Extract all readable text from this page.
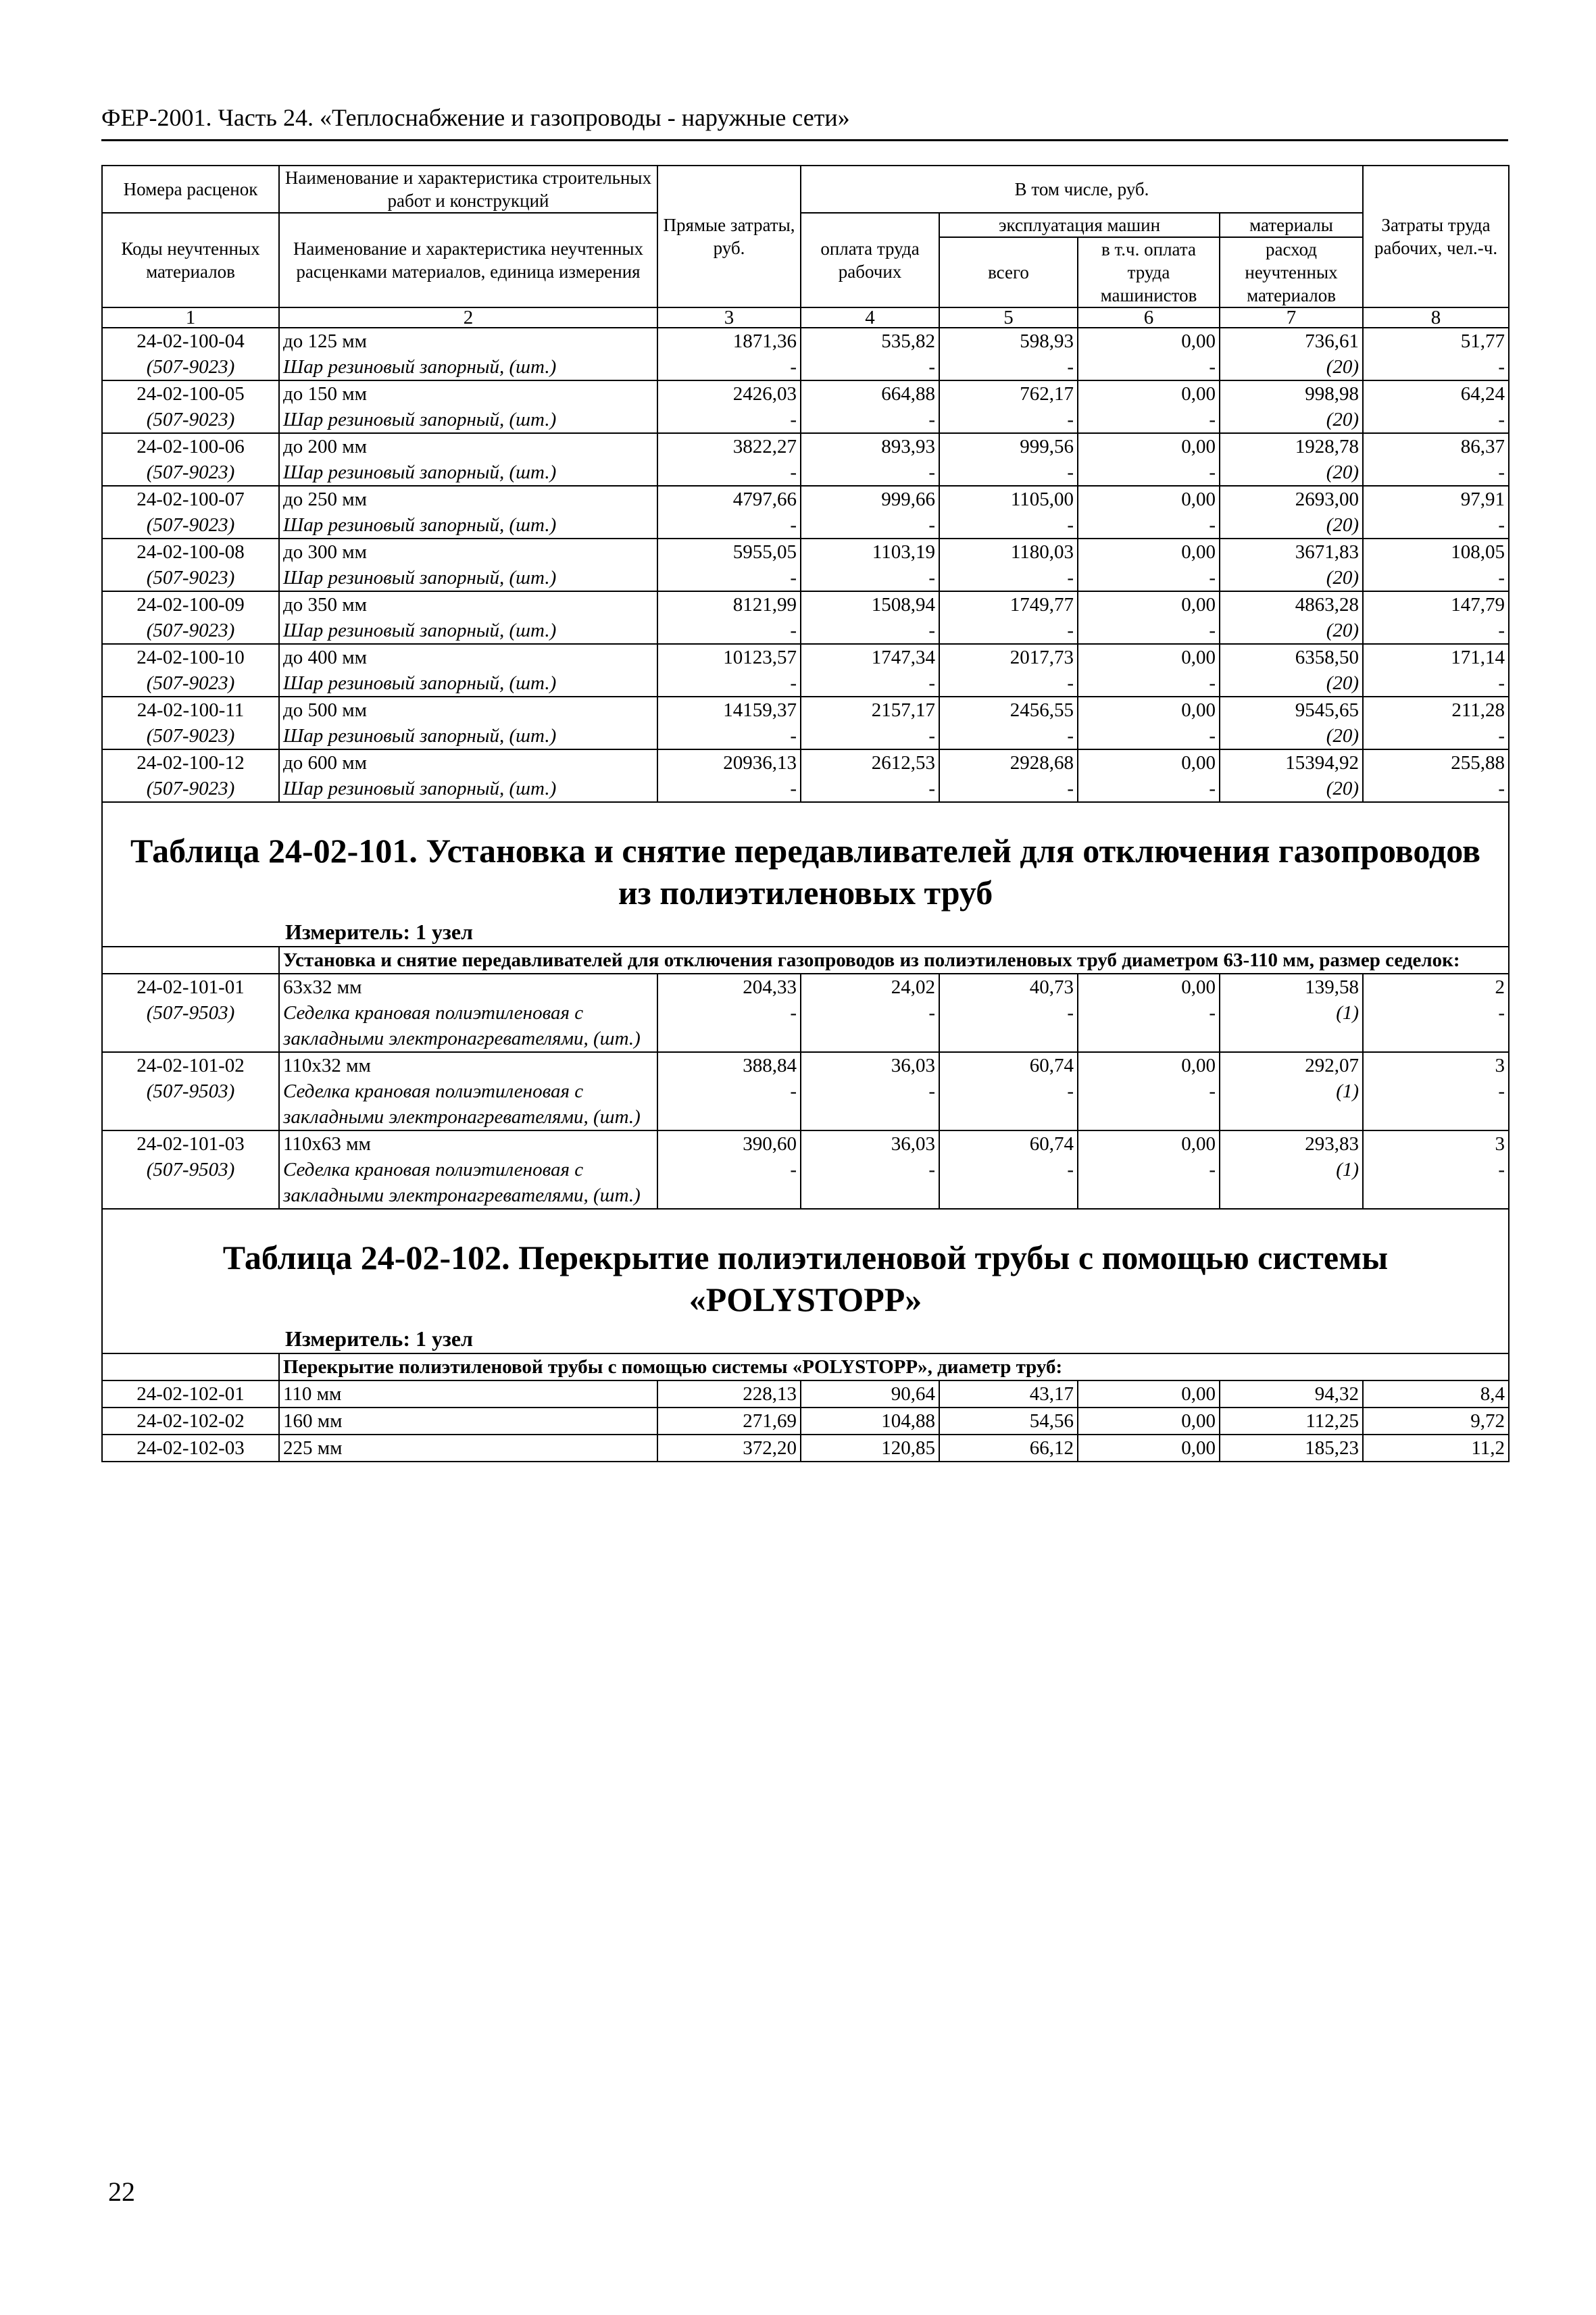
ФЕР-2001. Часть 24. «Теплоснабжение и газопроводы - наружные сети»
Номера расценок	Наименование и характеристика строительных работ и конструкций	Прямые затраты, руб.	В том числе, руб.				Затраты труда рабочих, чел.-ч.
Коды неучтенных материалов	Наименование и характеристика неучтенных расценками материалов, единица измерения		оплата труда рабочих	эксплуатация машин		материалы	
				всего	в т.ч. оплата труда машинистов	расход неучтенных материалов	
1	2	3	4	5	6	7	8
24-02-100-04	до 125 мм	1871,36	535,82	598,93	0,00	736,61	51,77
(507-9023)	Шар резиновый запорный, (шт.)	-	-	-	-	(20)	-
24-02-100-05	до 150 мм	2426,03	664,88	762,17	0,00	998,98	64,24
(507-9023)	Шар резиновый запорный, (шт.)	-	-	-	-	(20)	-
24-02-100-06	до 200 мм	3822,27	893,93	999,56	0,00	1928,78	86,37
(507-9023)	Шар резиновый запорный, (шт.)	-	-	-	-	(20)	-
24-02-100-07	до 250 мм	4797,66	999,66	1105,00	0,00	2693,00	97,91
(507-9023)	Шар резиновый запорный, (шт.)	-	-	-	-	(20)	-
24-02-100-08	до 300 мм	5955,05	1103,19	1180,03	0,00	3671,83	108,05
(507-9023)	Шар резиновый запорный, (шт.)	-	-	-	-	(20)	-
24-02-100-09	до 350 мм	8121,99	1508,94	1749,77	0,00	4863,28	147,79
(507-9023)	Шар резиновый запорный, (шт.)	-	-	-	-	(20)	-
24-02-100-10	до 400 мм	10123,57	1747,34	2017,73	0,00	6358,50	171,14
(507-9023)	Шар резиновый запорный, (шт.)	-	-	-	-	(20)	-
24-02-100-11	до 500 мм	14159,37	2157,17	2456,55	0,00	9545,65	211,28
(507-9023)	Шар резиновый запорный, (шт.)	-	-	-	-	(20)	-
24-02-100-12	до 600 мм	20936,13	2612,53	2928,68	0,00	15394,92	255,88
(507-9023)	Шар резиновый запорный, (шт.)	-	-	-	-	(20)	-

Таблица 24-02-101. Установка и снятие передавливателей для отключения газопроводов из полиэтиленовых труб
Измеритель: 1 узел							

	Установка и снятие передавливателей для отключения газопроводов из полиэтиленовых труб диаметром 63-110 мм, размер седелок:						
24-02-101-01	63х32 мм	204,33	24,02	40,73	0,00	139,58	2
(507-9503)	Седелка крановая полиэтиленовая с закладными электронагревателями, (шт.)	-	-	-	-	(1)	-
24-02-101-02	110х32 мм	388,84	36,03	60,74	0,00	292,07	3
(507-9503)	Седелка крановая полиэтиленовая с закладными электронагревателями, (шт.)	-	-	-	-	(1)	-
24-02-101-03	110х63 мм	390,60	36,03	60,74	0,00	293,83	3
(507-9503)	Седелка крановая полиэтиленовая с закладными электронагревателями, (шт.)	-	-	-	-	(1)	-

Таблица 24-02-102. Перекрытие полиэтиленовой трубы с помощью системы «POLYSTOPP»
Измеритель: 1 узел							

	Перекрытие полиэтиленовой трубы с помощью системы «POLYSTOPP», диаметр труб:						
24-02-102-01	110 мм	228,13	90,64	43,17	0,00	94,32	8,4
24-02-102-02	160 мм	271,69	104,88	54,56	0,00	112,25	9,72
24-02-102-03	225 мм	372,20	120,85	66,12	0,00	185,23	11,2
22
